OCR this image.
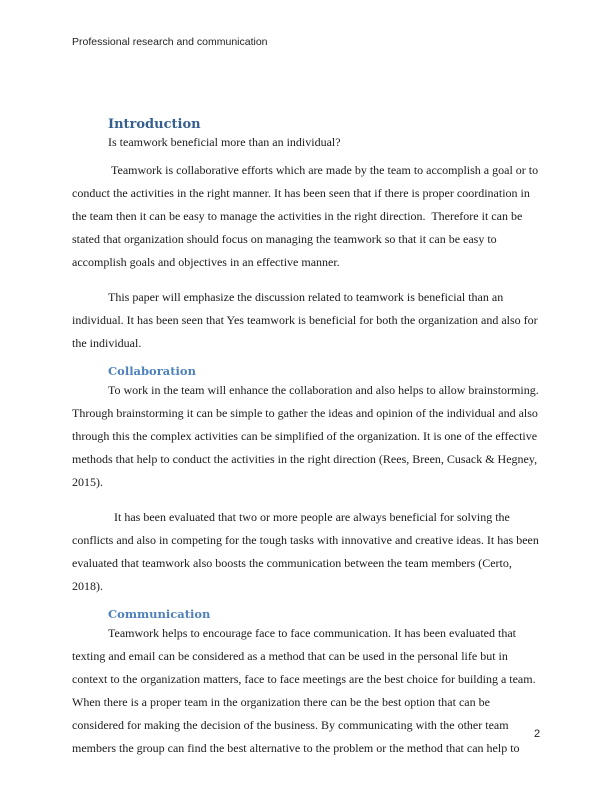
Professional research and communication
Introduction
Is teamwork beneficial more than an individual?

Teamwork is collaborative efforts which are made by the team to accomplish a goal or to conduct the activities in the right manner. It has been seen that if there is proper coordination in the team then it can be easy to manage the activities in the right direction.  Therefore it can be stated that organization should focus on managing the teamwork so that it can be easy to accomplish goals and objectives in an effective manner.

This paper will emphasize the discussion related to teamwork is beneficial than an individual. It has been seen that Yes teamwork is beneficial for both the organization and also for the individual.

Collaboration

To work in the team will enhance the collaboration and also helps to allow brainstorming. Through brainstorming it can be simple to gather the ideas and opinion of the individual and also through this the complex activities can be simplified of the organization. It is one of the effective methods that help to conduct the activities in the right direction (Rees, Breen, Cusack & Hegney, 2015).

It has been evaluated that two or more people are always beneficial for solving the conflicts and also in competing for the tough tasks with innovative and creative ideas. It has been evaluated that teamwork also boosts the communication between the team members (Certo, 2018).

Communication

Teamwork helps to encourage face to face communication. It has been evaluated that texting and email can be considered as a method that can be used in the personal life but in context to the organization matters, face to face meetings are the best choice for building a team. When there is a proper team in the organization there can be the best option that can be considered for making the decision of the business. By communicating with the other team members the group can find the best alternative to the problem or the method that can help to

2
